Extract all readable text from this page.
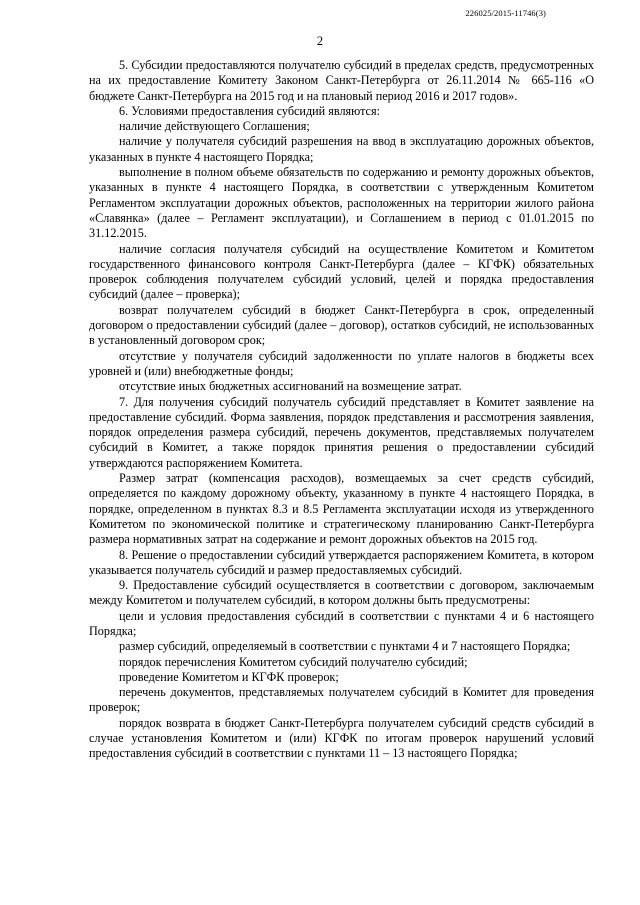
226025/2015-11746(3)
2

5. Субсидии предоставляются получателю субсидий в пределах средств, предусмотренных на их предоставление Комитету Законом Санкт-Петербурга от 26.11.2014 № 665-116 «О бюджете Санкт-Петербурга на 2015 год и на плановый период 2016 и 2017 годов».

6. Условиями предоставления субсидий являются:

наличие действующего Соглашения;

наличие у получателя субсидий разрешения на ввод в эксплуатацию дорожных объектов, указанных в пункте 4 настоящего Порядка;

выполнение в полном объеме обязательств по содержанию и ремонту дорожных объектов, указанных в пункте 4 настоящего Порядка, в соответствии с утвержденным Комитетом Регламентом эксплуатации дорожных объектов, расположенных на территории жилого района «Славянка» (далее – Регламент эксплуатации), и Соглашением в период с 01.01.2015 по 31.12.2015.

наличие согласия получателя субсидий на осуществление Комитетом и Комитетом государственного финансового контроля Санкт-Петербурга (далее – КГФК) обязательных проверок соблюдения получателем субсидий условий, целей и порядка предоставления субсидий (далее – проверка);

возврат получателем субсидий в бюджет Санкт-Петербурга в срок, определенный договором о предоставлении субсидий (далее – договор), остатков субсидий, не использованных в установленный договором срок;

отсутствие у получателя субсидий задолженности по уплате налогов в бюджеты всех уровней и (или) внебюджетные фонды;

отсутствие иных бюджетных ассигнований на возмещение затрат.

7. Для получения субсидий получатель субсидий представляет в Комитет заявление на предоставление субсидий. Форма заявления, порядок представления и рассмотрения заявления, порядок определения размера субсидий, перечень документов, представляемых получателем субсидий в Комитет, а также порядок принятия решения о предоставлении субсидий утверждаются распоряжением Комитета.

Размер затрат (компенсация расходов), возмещаемых за счет средств субсидий, определяется по каждому дорожному объекту, указанному в пункте 4 настоящего Порядка, в порядке, определенном в пунктах 8.3 и 8.5 Регламента эксплуатации исходя из утвержденного Комитетом по экономической политике и стратегическому планированию Санкт-Петербурга размера нормативных затрат на содержание и ремонт дорожных объектов на 2015 год.

8. Решение о предоставлении субсидий утверждается распоряжением Комитета, в котором указывается получатель субсидий и размер предоставляемых субсидий.

9. Предоставление субсидий осуществляется в соответствии с договором, заключаемым между Комитетом и получателем субсидий, в котором должны быть предусмотрены:

цели и условия предоставления субсидий в соответствии с пунктами 4 и 6 настоящего Порядка;

размер субсидий, определяемый в соответствии с пунктами 4 и 7 настоящего Порядка;

порядок перечисления Комитетом субсидий получателю субсидий;

проведение Комитетом и КГФК проверок;

перечень документов, представляемых получателем субсидий в Комитет для проведения проверок;

порядок возврата в бюджет Санкт-Петербурга получателем субсидий средств субсидий в случае установления Комитетом и (или) КГФК по итогам проверок нарушений условий предоставления субсидий в соответствии с пунктами 11 – 13 настоящего Порядка;
